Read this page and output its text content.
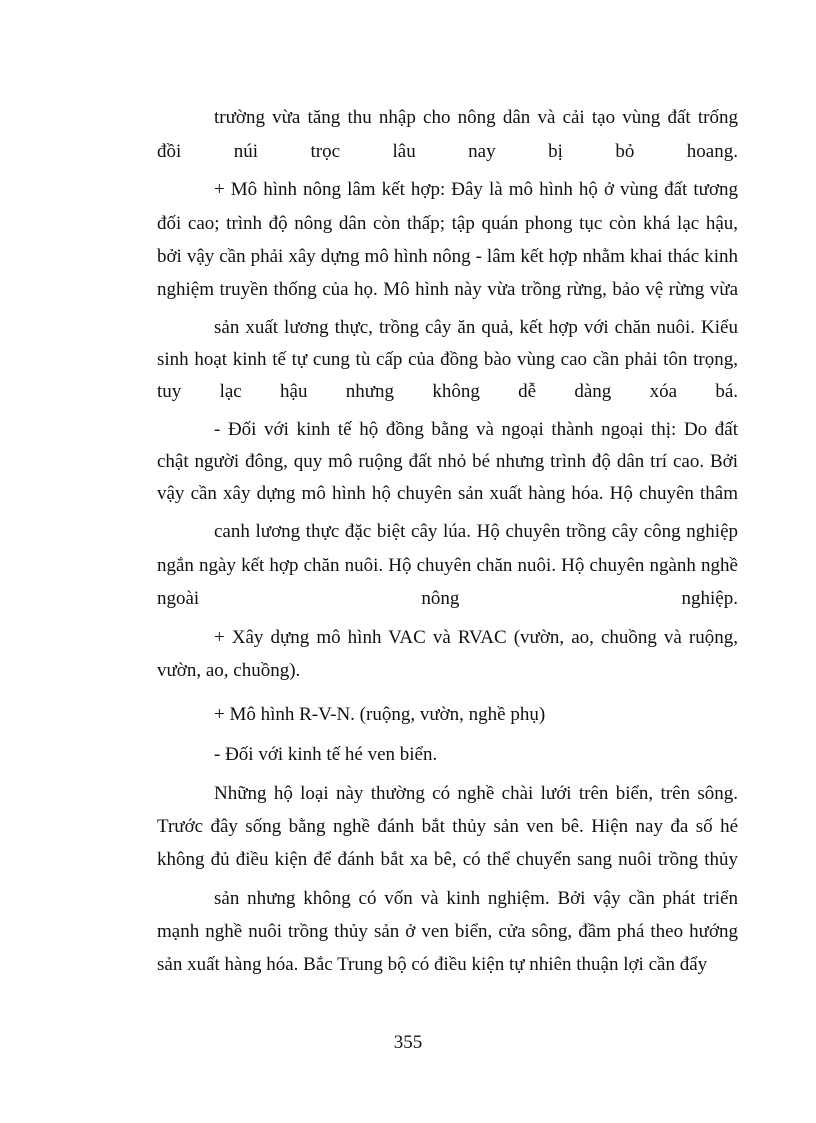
trường vừa tăng thu nhập cho nông dân và cải tạo vùng đất trống
đồi núi trọc lâu nay bị bỏ hoang.
+ Mô hình nông lâm kết hợp: Đây là mô hình hộ ở vùng đất tương
đối cao; trình độ nông dân còn thấp; tập quán phong tục còn khá lạc hậu,
bởi vậy cần phải xây dựng mô hình nông - lâm kết hợp nhằm khai thác kinh
nghiệm truyền thống của họ. Mô hình này vừa trồng rừng, bảo vệ rừng vừa
sản xuất lương thực, trồng cây ăn quả, kết hợp với chăn nuôi. Kiểu
sinh hoạt kinh tế tự cung tù cấp của đồng bào vùng cao cần phải tôn trọng,
tuy lạc hậu nhưng không dễ dàng xóa bá.
- Đối với kinh tế hộ đồng bằng và ngoại thành ngoại thị: Do đất
chật người đông, quy mô ruộng đất nhỏ bé nhưng trình độ dân trí cao. Bởi
vậy cần xây dựng mô hình hộ chuyên sản xuất hàng hóa. Hộ chuyên thâm
canh lương thực đặc biệt cây lúa. Hộ chuyên trồng cây công nghiệp
ngắn ngày kết hợp chăn nuôi. Hộ chuyên chăn nuôi. Hộ chuyên ngành nghề
ngoài nông nghiệp.
+ Xây dựng mô hình VAC và RVAC (vườn, ao, chuồng và ruộng,
vườn, ao, chuồng).
+ Mô hình R-V-N. (ruộng, vườn, nghề phụ)
- Đối với kinh tế hé ven biển.
Những hộ loại này thường có nghề chài lưới trên biển, trên sông.
Trước đây sống bằng nghề đánh bắt thủy sản ven bê. Hiện nay đa số hé
không đủ điều kiện để đánh bắt xa bê, có thể chuyển sang nuôi trồng thủy
sản nhưng không có vốn và kinh nghiệm. Bởi vậy cần phát triển
mạnh nghề nuôi trồng thủy sản ở ven biển, cửa sông, đầm phá theo hướng
sản xuất hàng hóa. Bắc Trung bộ có điều kiện tự nhiên thuận lợi cần đẩy
355
